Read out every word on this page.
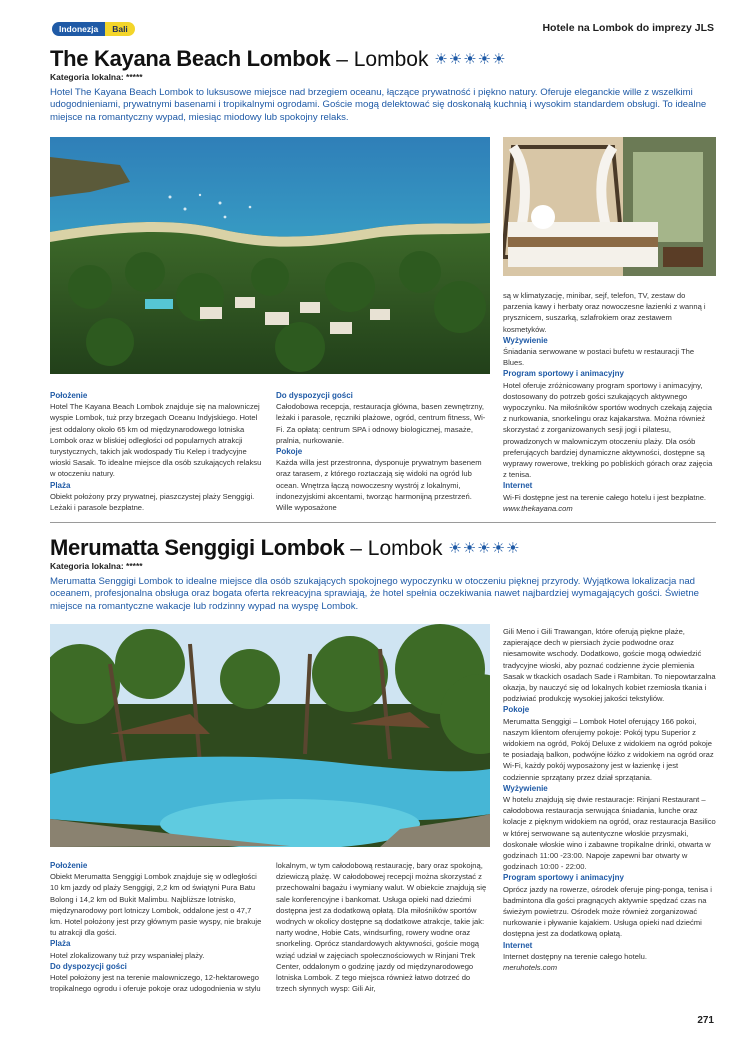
Indonezja	Bali	Hotele na Lombok do imprezy JLS
The Kayana Beach Lombok – Lombok ☀☀☀☀☀
Kategoria lokalna: *****
Hotel The Kayana Beach Lombok to luksusowe miejsce nad brzegiem oceanu, łączące prywatność i piękno natury. Oferuje eleganckie wille z wszelkimi udogodnieniami, prywatnymi basenami i tropikalnymi ogrodami. Goście mogą delektować się doskonałą kuchnią i wysokim standardem obsługi. To idealne miejsce na romantyczny wypad, miesiąc miodowy lub spokojny relaks.
Położenie

Hotel The Kayana Beach Lombok znajduje się na malowniczej wyspie Lombok, tuż przy brzegach Oceanu Indyjskiego. Hotel jest oddalony około 65 km od międzynarodowego lotniska Lombok oraz w bliskiej odległości od popularnych atrakcji turystycznych, takich jak wodospady Tiu Kelep i tradycyjne wioski Sasak. To idealne miejsce dla osób szukających relaksu w otoczeniu natury.

Plaża

Obiekt położony przy prywatnej, piaszczystej plaży Senggigi. Leżaki i parasole bezpłatne.

Do dyspozycji gości

Całodobowa recepcja, restauracja główna, basen zewnętrzny, leżaki i parasole, ręczniki plażowe, ogród, centrum fitness, Wi-Fi. Za opłatą: centrum SPA i odnowy biologicznej, masaże, pralnia, nurkowanie.

Pokoje

Każda willa jest przestronna, dysponuje prywatnym basenem oraz tarasem, z którego roztaczają się widoki na ogród lub ocean. Wnętrza łączą nowoczesny wystrój z lokalnymi, indonezyjskimi akcentami, tworząc harmonijną przestrzeń. Wille wyposażone

są w klimatyzację, minibar, sejf, telefon, TV, zestaw do parzenia kawy i herbaty oraz nowoczesne łazienki z wanną i prysznicem, suszarką, szlafrokiem oraz zestawem kosmetyków.

Wyżywienie

Śniadania serwowane w postaci bufetu w restauracji The Blues.

Program sportowy i animacyjny

Hotel oferuje zróżnicowany program sportowy i animacyjny, dostosowany do potrzeb gości szukających aktywnego wypoczynku. Na miłośników sportów wodnych czekają zajęcia z nurkowania, snorkelingu oraz kajakarstwa. Można również skorzystać z zorganizowanych sesji jogi i pilatesu, prowadzonych w malowniczym otoczeniu plaży. Dla osób preferujących bardziej dynamiczne aktywności, dostępne są wyprawy rowerowe, trekking po pobliskich górach oraz zajęcia z tenisa.

Internet

Wi-Fi dostępne jest na terenie całego hotelu i jest bezpłatne.

www.thekayana.com

Merumatta Senggigi Lombok – Lombok ☀☀☀☀☀
Kategoria lokalna: *****
Merumatta Senggigi Lombok to idealne miejsce dla osób szukających spokojnego wypoczynku w otoczeniu pięknej przyrody. Wyjątkowa lokalizacja nad oceanem, profesjonalna obsługa oraz bogata oferta rekreacyjna sprawiają, że hotel spełnia oczekiwania nawet najbardziej wymagających gości. Świetne miejsce na romantyczne wakacje lub rodzinny wypad na wyspę Lombok.
Położenie

Obiekt Merumatta Senggigi Lombok znajduje się w odległości 10 km jazdy od plaży Senggigi, 2,2 km od świątyni Pura Batu Bolong i 14,2 km od Bukit Malimbu. Najbliższe lotnisko, międzynarodowy port lotniczy Lombok, oddalone jest o 47,7 km. Hotel położony jest przy głównym pasie wyspy, nie brakuje tu atrakcji dla gości.

Plaża

Hotel zlokalizowany tuż przy wspaniałej plaży.

Do dyspozycji gości

Hotel położony jest na terenie malowniczego, 12-hektarowego tropikalnego ogrodu i oferuje pokoje oraz udogodnienia w stylu

lokalnym, w tym całodobową restaurację, bary oraz spokojną, dziewiczą plażę. W całodobowej recepcji można skorzystać z przechowalni bagażu i wymiany walut. W obiekcie znajdują się sale konferencyjne i bankomat. Usługa opieki nad dziećmi dostępna jest za dodatkową opłatą. Dla miłośników sportów wodnych w okolicy dostępne są dodatkowe atrakcje, takie jak: narty wodne, Hobie Cats, windsurfing, rowery wodne oraz snorkeling. Oprócz standardowych aktywności, goście mogą wziąć udział w zajęciach społecznościowych w Rinjani Trek Center, oddalonym o godzinę jazdy od międzynarodowego lotniska Lombok. Z tego miejsca również łatwo dotrzeć do trzech słynnych wysp: Gili Air,

Gili Meno i Gili Trawangan, które oferują piękne plaże, zapierające dech w piersiach życie podwodne oraz niesamowite wschody. Dodatkowo, goście mogą odwiedzić tradycyjne wioski, aby poznać codzienne życie plemienia Sasak w tkackich osadach Sade i Rambitan. To niepowtarzalna okazja, by nauczyć się od lokalnych kobiet rzemiosła tkania i podziwiać produkcję wysokiej jakości tekstyliów.

Pokoje

Merumatta Senggigi – Lombok Hotel oferujący 166 pokoi, naszym klientom oferujemy pokoje: Pokój typu Superior z widokiem na ogród, Pokój Deluxe z widokiem na ogród pokoje te posiadają balkon, podwójne łóżko z widokiem na ogród oraz Wi-Fi, każdy pokój wyposażony jest w łazienkę i jest codziennie sprzątany przez dział sprzątania.

Wyżywienie

W hotelu znajdują się dwie restauracje: Rinjani Restaurant – całodobowa restauracja serwująca śniadania, lunche oraz kolacje z pięknym widokiem na ogród, oraz restauracja Basilico w której serwowane są autentyczne włoskie przysmaki, doskonałe włoskie wino i zabawne tropikalne drinki, otwarta w godzinach 11:00 -23:00. Napoje zapewni bar otwarty w godzinach 10:00 - 22:00.

Program sportowy i animacyjny

Oprócz jazdy na rowerze, ośrodek oferuje ping-ponga, tenisa i badmintona dla gości pragnących aktywnie spędzać czas na świeżym powietrzu. Ośrodek może również zorganizować nurkowanie i pływanie kajakiem. Usługa opieki nad dziećmi dostępna jest za dodatkową opłatą.

Internet

Internet dostępny na terenie całego hotelu.

meruhotels.com

271
